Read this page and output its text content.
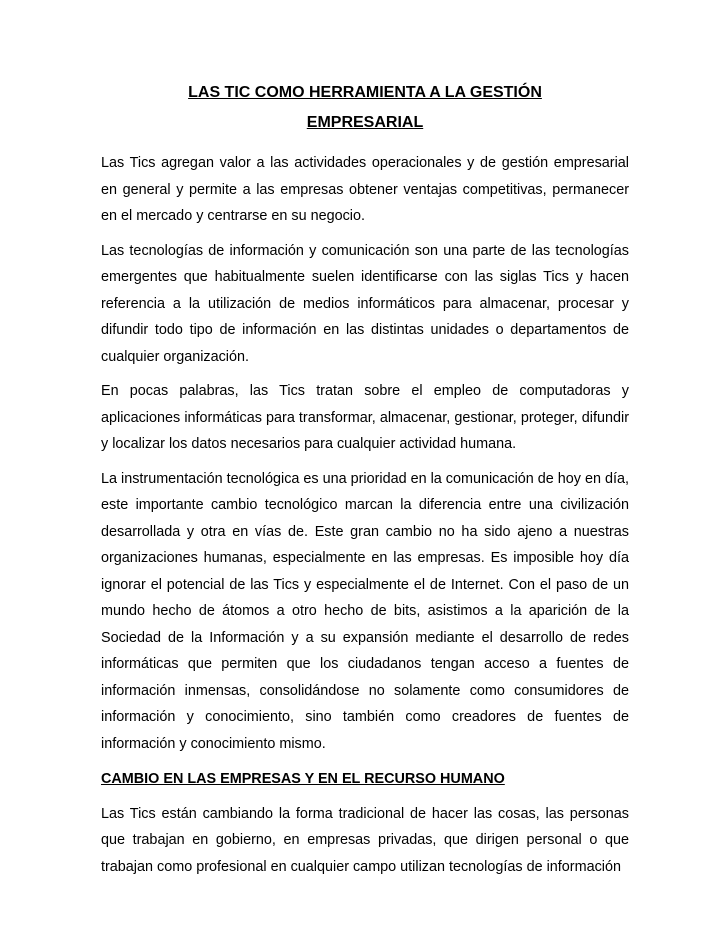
LAS TIC COMO HERRAMIENTA A LA GESTIÓN
EMPRESARIAL

Las Tics agregan valor a las actividades operacionales y de gestión empresarial en general y permite a las empresas obtener ventajas competitivas, permanecer en el mercado y centrarse en su negocio.

Las tecnologías de información y comunicación son una parte de las tecnologías emergentes que habitualmente suelen identificarse con las siglas Tics y hacen referencia a la utilización de medios informáticos para almacenar, procesar y difundir todo tipo de información en las distintas unidades o departamentos de cualquier organización.

En pocas palabras, las Tics tratan sobre el empleo de computadoras y aplicaciones informáticas para transformar, almacenar, gestionar, proteger, difundir y localizar los datos necesarios para cualquier actividad humana.

La instrumentación tecnológica es una prioridad en la comunicación de hoy en día, este importante cambio tecnológico marcan la diferencia entre una civilización desarrollada y otra en vías de. Este gran cambio no ha sido ajeno a nuestras organizaciones humanas, especialmente en las empresas. Es imposible hoy día ignorar el potencial de las Tics y especialmente el de Internet. Con el paso de un mundo hecho de átomos a otro hecho de bits, asistimos a la aparición de la Sociedad de la Información y a su expansión mediante el desarrollo de redes informáticas que permiten que los ciudadanos tengan acceso a fuentes de información inmensas, consolidándose no solamente como consumidores de información y conocimiento, sino también como creadores de fuentes de información y conocimiento mismo.

CAMBIO EN LAS EMPRESAS Y EN EL RECURSO HUMANO

Las Tics están cambiando la forma tradicional de hacer las cosas, las personas que trabajan en gobierno, en empresas privadas, que dirigen personal o que trabajan como profesional en cualquier campo utilizan tecnologías de información
